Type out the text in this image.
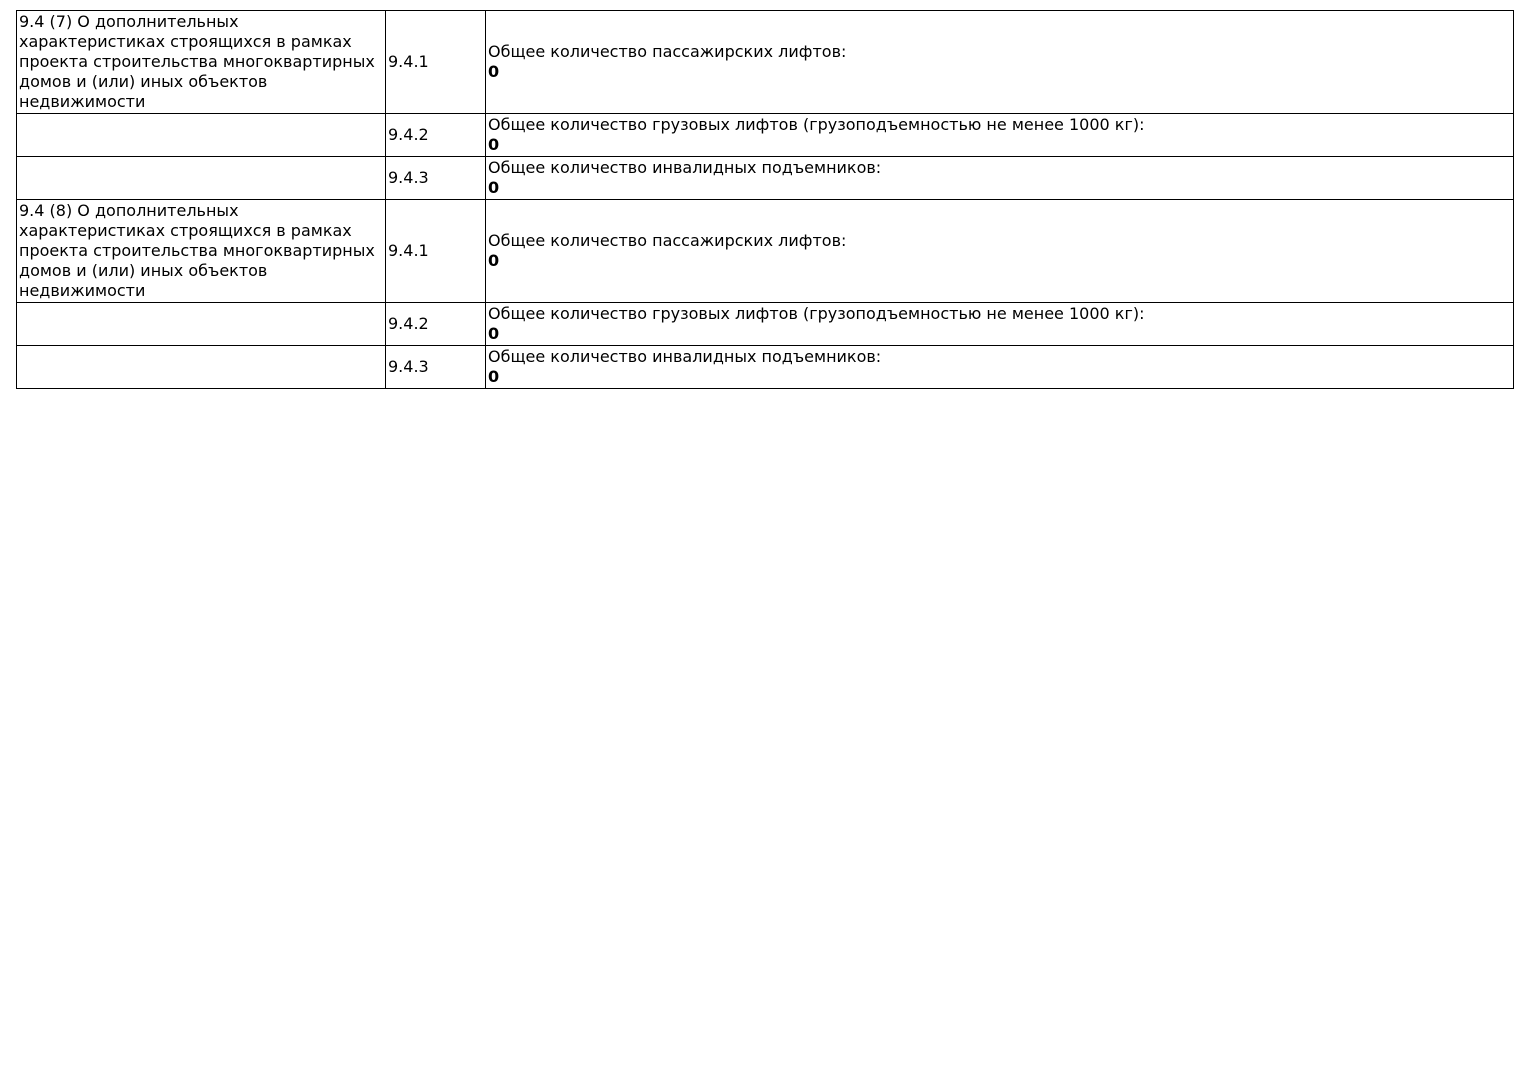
9.4 (7) О дополнительных характеристиках строящихся в рамках проекта строительства многоквартирных домов и (или) иных объектов недвижимости	9.4.1	Общее количество пассажирских лифтов:
0

	9.4.2	Общее количество грузовых лифтов (грузоподъемностью не менее 1000 кг):
0

	9.4.3	Общее количество инвалидных подъемников:
0

9.4 (8) О дополнительных характеристиках строящихся в рамках проекта строительства многоквартирных домов и (или) иных объектов недвижимости	9.4.1	Общее количество пассажирских лифтов:
0

	9.4.2	Общее количество грузовых лифтов (грузоподъемностью не менее 1000 кг):
0

	9.4.3	Общее количество инвалидных подъемников:
0
